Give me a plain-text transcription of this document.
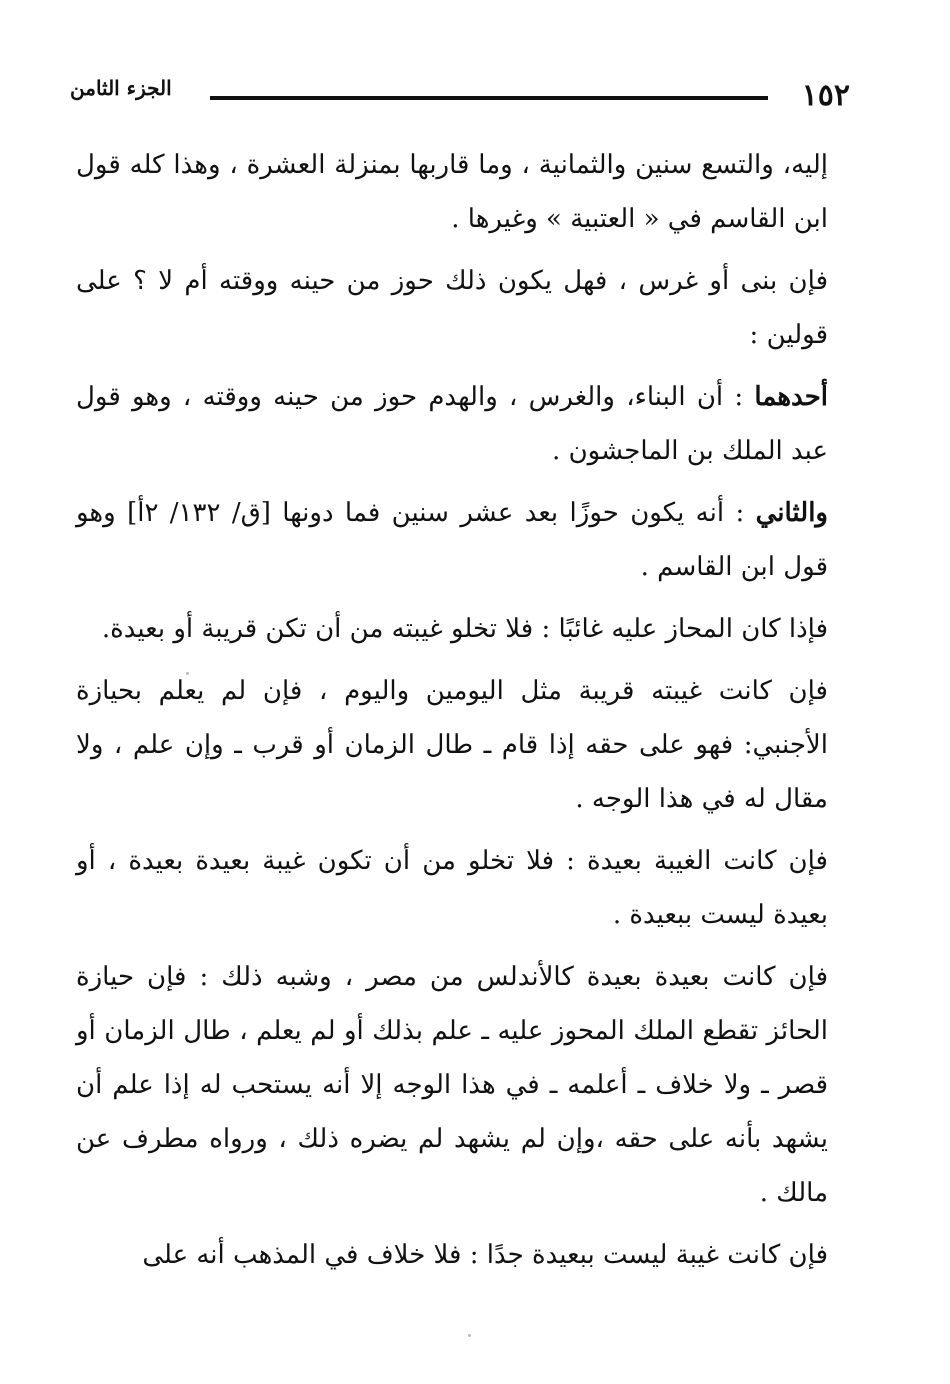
١٥٢
الجزء الثامن

إليه، والتسع سنين والثمانية ، وما قاربها بمنزلة العشرة ، وهذا كله قول ابن القاسم في « العتبية » وغيرها .

فإن بنى أو غرس ، فهل يكون ذلك حوز من حينه ووقته أم لا ؟ على قولين :

أحدهما : أن البناء، والغرس ، والهدم حوز من حينه ووقته ، وهو قول عبد الملك بن الماجشون .

والثاني : أنه يكون حوزًا بعد عشر سنين فما دونها [ق/ ١٣٢/ ٢أ] وهو قول ابن القاسم .

فإذا كان المحاز عليه غائبًا : فلا تخلو غيبته من أن تكن قريبة أو بعيدة.

فإن كانت غيبته قريبة مثل اليومين واليوم ، فإن لم يعلم بحيازة الأجنبي: فهو على حقه إذا قام ـ طال الزمان أو قرب ـ وإن علم ، ولا مقال له في هذا الوجه .

فإن كانت الغيبة بعيدة : فلا تخلو من أن تكون غيبة بعيدة بعيدة ، أو بعيدة ليست ببعيدة .

فإن كانت بعيدة بعيدة كالأندلس من مصر ، وشبه ذلك : فإن حيازة الحائز تقطع الملك المحوز عليه ـ علم بذلك أو لم يعلم ، طال الزمان أو قصر ـ ولا خلاف ـ أعلمه ـ في هذا الوجه إلا أنه يستحب له إذا علم أن يشهد بأنه على حقه ،وإن لم يشهد لم يضره ذلك ، ورواه مطرف عن مالك .

فإن كانت غيبة ليست ببعيدة جدًا : فلا خلاف في المذهب أنه على
